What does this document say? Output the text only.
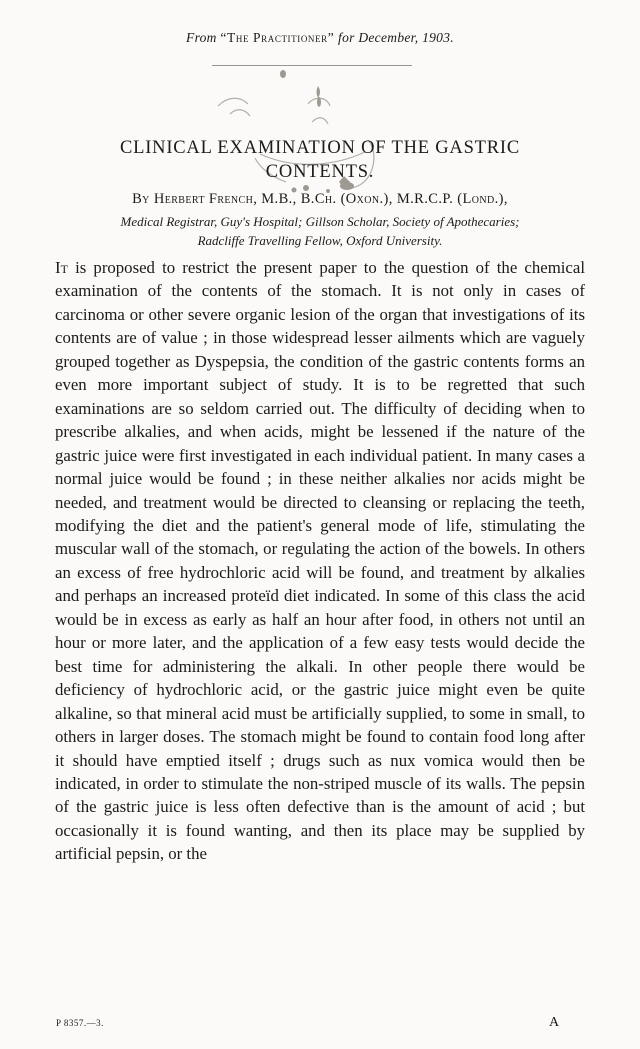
From “The Practitioner” for December, 1903.
CLINICAL EXAMINATION OF THE GASTRIC
CONTENTS.
By Herbert French, M.B., B.Ch. (Oxon.), M.R.C.P. (Lond.),
Medical Registrar, Guy's Hospital; Gillson Scholar, Society of Apothecaries;
Radcliffe Travelling Fellow, Oxford University.
It is proposed to restrict the present paper to the question of the chemical examination of the contents of the stomach. It is not only in cases of carcinoma or other severe organic lesion of the organ that investigations of its contents are of value ; in those widespread lesser ailments which are vaguely grouped together as Dyspepsia, the condition of the gastric contents forms an even more important subject of study. It is to be regretted that such examinations are so seldom carried out. The difficulty of deciding when to prescribe alkalies, and when acids, might be lessened if the nature of the gastric juice were first investigated in each individual patient. In many cases a normal juice would be found ; in these neither alkalies nor acids might be needed, and treatment would be directed to cleansing or replacing the teeth, modifying the diet and the patient's general mode of life, stimulating the muscular wall of the stomach, or regulating the action of the bowels. In others an excess of free hydrochloric acid will be found, and treatment by alkalies and perhaps an increased proteïd diet indicated. In some of this class the acid would be in excess as early as half an hour after food, in others not until an hour or more later, and the application of a few easy tests would decide the best time for administering the alkali. In other people there would be deficiency of hydrochloric acid, or the gastric juice might even be quite alkaline, so that mineral acid must be artificially supplied, to some in small, to others in larger doses. The stomach might be found to contain food long after it should have emptied itself ; drugs such as nux vomica would then be indicated, in order to stimulate the non-striped muscle of its walls. The pepsin of the gastric juice is less often defective than is the amount of acid ; but occasionally it is found wanting, and then its place may be supplied by artificial pepsin, or the
P 8357.—3.	A
